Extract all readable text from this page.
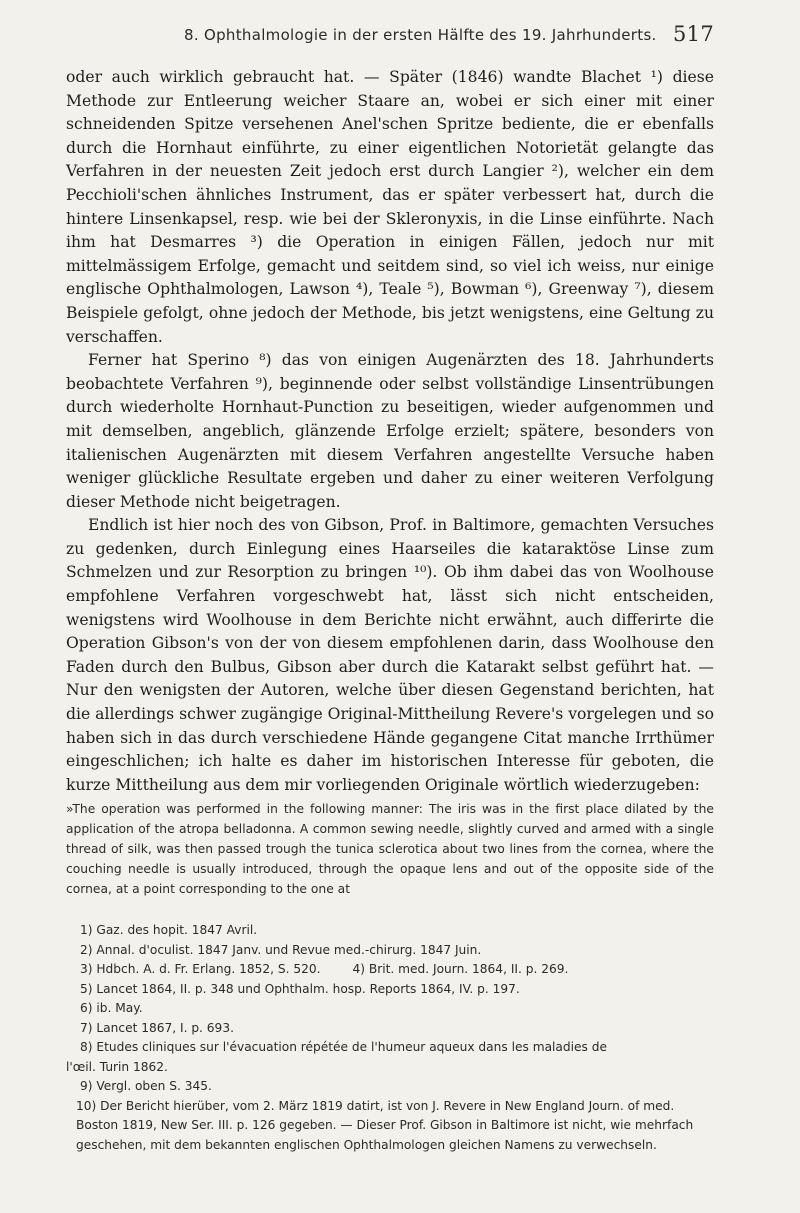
8. Ophthalmologie in der ersten Hälfte des 19. Jahrhunderts. 517

oder auch wirklich gebraucht hat. — Später (1846) wandte Blachet ¹) diese Methode zur Entleerung weicher Staare an, wobei er sich einer mit einer schneidenden Spitze versehenen Anel'schen Spritze bediente, die er ebenfalls durch die Hornhaut einführte, zu einer eigentlichen Notorietät gelangte das Verfahren in der neuesten Zeit jedoch erst durch Langier ²), welcher ein dem Pecchioli'schen ähnliches Instrument, das er später verbessert hat, durch die hintere Linsenkapsel, resp. wie bei der Skleronyxis, in die Linse einführte. Nach ihm hat Desmarres ³) die Operation in einigen Fällen, jedoch nur mit mittelmässigem Erfolge, gemacht und seitdem sind, so viel ich weiss, nur einige englische Ophthalmologen, Lawson ⁴), Teale ⁵), Bowman ⁶), Greenway ⁷), diesem Beispiele gefolgt, ohne jedoch der Methode, bis jetzt wenigstens, eine Geltung zu verschaffen.

Ferner hat Sperino ⁸) das von einigen Augenärzten des 18. Jahrhunderts beobachtete Verfahren ⁹), beginnende oder selbst vollständige Linsentrübungen durch wiederholte Hornhaut-Punction zu beseitigen, wieder aufgenommen und mit demselben, angeblich, glänzende Erfolge erzielt; spätere, besonders von italienischen Augenärzten mit diesem Verfahren angestellte Versuche haben weniger glückliche Resultate ergeben und daher zu einer weiteren Verfolgung dieser Methode nicht beigetragen.

Endlich ist hier noch des von Gibson, Prof. in Baltimore, gemachten Versuches zu gedenken, durch Einlegung eines Haarseiles die kataraktöse Linse zum Schmelzen und zur Resorption zu bringen ¹⁰). Ob ihm dabei das von Woolhouse empfohlene Verfahren vorgeschwebt hat, lässt sich nicht entscheiden, wenigstens wird Woolhouse in dem Berichte nicht erwähnt, auch differirte die Operation Gibson's von der von diesem empfohlenen darin, dass Woolhouse den Faden durch den Bulbus, Gibson aber durch die Katarakt selbst geführt hat. — Nur den wenigsten der Autoren, welche über diesen Gegenstand berichten, hat die allerdings schwer zugängige Original-Mittheilung Revere's vorgelegen und so haben sich in das durch verschiedene Hände gegangene Citat manche Irrthümer eingeschlichen; ich halte es daher im historischen Interesse für geboten, die kurze Mittheilung aus dem mir vorliegenden Originale wörtlich wiederzugeben:

»The operation was performed in the following manner: The iris was in the first place dilated by the application of the atropa belladonna. A common sewing needle, slightly curved and armed with a single thread of silk, was then passed trough the tunica sclerotica about two lines from the cornea, where the couching needle is usually introduced, through the opaque lens and out of the opposite side of the cornea, at a point corresponding to the one at
1) Gaz. des hopit. 1847 Avril.
2) Annal. d'oculist. 1847 Janv. und Revue med.-chirurg. 1847 Juin.
3) Hdbch. A. d. Fr. Erlang. 1852, S. 520.	4) Brit. med. Journ. 1864, II. p. 269.
5) Lancet 1864, II. p. 348 und Ophthalm. hosp. Reports 1864, IV. p. 197.
6) ib. May.
7) Lancet 1867, I. p. 693.
8) Etudes cliniques sur l'évacuation répétée de l'humeur aqueux dans les maladies de
l'œil. Turin 1862.
9) Vergl. oben S. 345.
10) Der Bericht hierüber, vom 2. März 1819 datirt, ist von J. Revere in New England Journ. of med. Boston 1819, New Ser. III. p. 126 gegeben. — Dieser Prof. Gibson in Baltimore ist nicht, wie mehrfach geschehen, mit dem bekannten englischen Ophthalmologen gleichen Namens zu verwechseln.
